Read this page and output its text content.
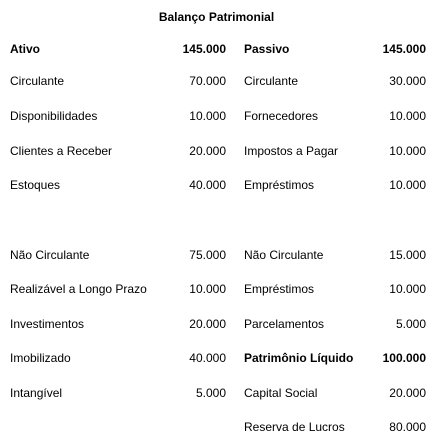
Balanço Patrimonial
Ativo	145.000 Passivo	145.000
Circulante	70.000 Circulante	30.000
Disponibilidades	10.000 Fornecedores	10.000
Clientes a Receber	20.000 Impostos a Pagar	10.000
Estoques	40.000 Empréstimos	10.000
Não Circulante	75.000 Não Circulante	15.000
Realizável a Longo Prazo	10.000 Empréstimos	10.000
Investimentos	20.000 Parcelamentos	5.000
Imobilizado	40.000 Patrimônio Líquido 100.000
Intangível	5.000 Capital Social	20.000
Reserva de Lucros	80.000
